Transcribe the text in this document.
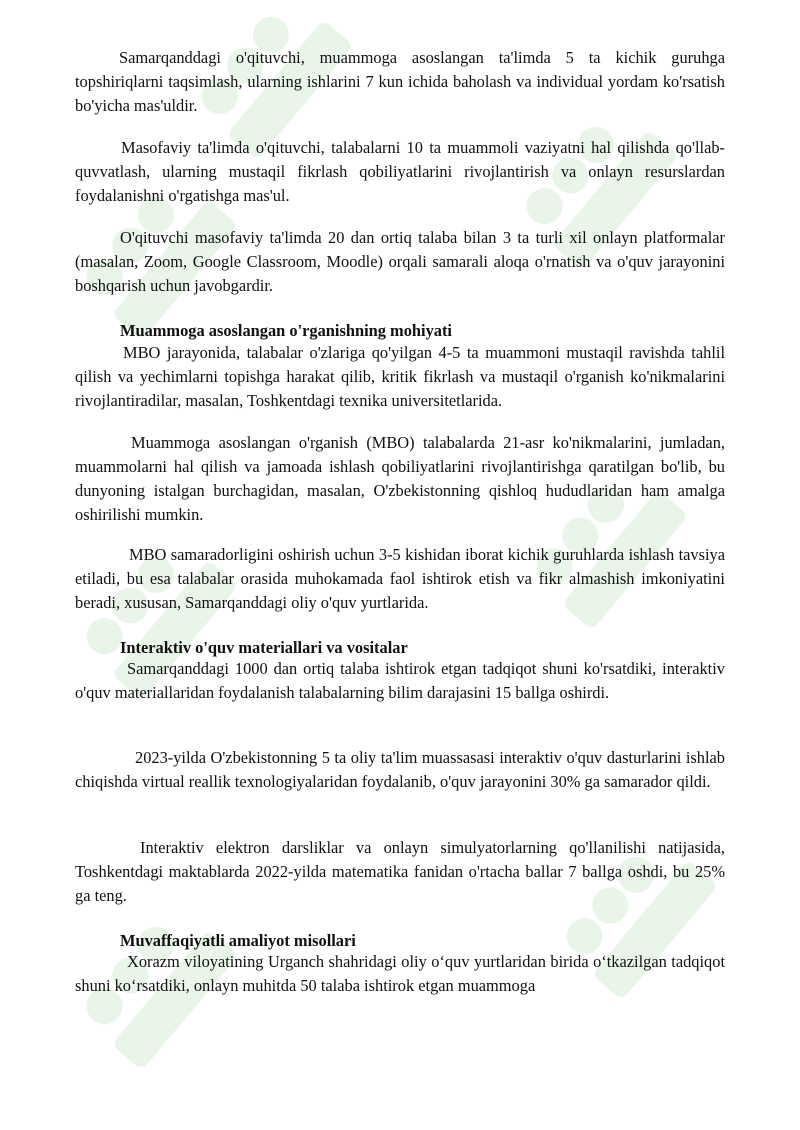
Samarqanddagi o'qituvchi, muammoga asoslangan ta'limda 5 ta kichik guruhga topshiriqlarni taqsimlash, ularning ishlarini 7 kun ichida baholash va individual yordam ko'rsatish bo'yicha mas'uldir.

Masofaviy ta'limda o'qituvchi, talabalarni 10 ta muammoli vaziyatni hal qilishda qo'llab-quvvatlash, ularning mustaqil fikrlash qobiliyatlarini rivojlantirish va onlayn resurslardan foydalanishni o'rgatishga mas'ul.

O'qituvchi masofaviy ta'limda 20 dan ortiq talaba bilan 3 ta turli xil onlayn platformalar (masalan, Zoom, Google Classroom, Moodle) orqali samarali aloqa o'rnatish va o'quv jarayonini boshqarish uchun javobgardir.

Muammoga asoslangan o'rganishning mohiyati

MBO jarayonida, talabalar o'zlariga qo'yilgan 4-5 ta muammoni mustaqil ravishda tahlil qilish va yechimlarni topishga harakat qilib, kritik fikrlash va mustaqil o'rganish ko'nikmalarini rivojlantiradilar, masalan, Toshkentdagi texnika universitetlarida.

Muammoga asoslangan o'rganish (MBO) talabalarda 21-asr ko'nikmalarini, jumladan, muammolarni hal qilish va jamoada ishlash qobiliyatlarini rivojlantirishga qaratilgan bo'lib, bu dunyoning istalgan burchagidan, masalan, O'zbekistonning qishloq hududlaridan ham amalga oshirilishi mumkin.

MBO samaradorligini oshirish uchun 3-5 kishidan iborat kichik guruhlarda ishlash tavsiya etiladi, bu esa talabalar orasida muhokamada faol ishtirok etish va fikr almashish imkoniyatini beradi, xususan, Samarqanddagi oliy o'quv yurtlarida.

Interaktiv o'quv materiallari va vositalar

Samarqanddagi 1000 dan ortiq talaba ishtirok etgan tadqiqot shuni ko'rsatdiki, interaktiv o'quv materiallaridan foydalanish talabalarning bilim darajasini 15 ballga oshirdi.

2023-yilda O'zbekistonning 5 ta oliy ta'lim muassasasi interaktiv o'quv dasturlarini ishlab chiqishda virtual reallik texnologiyalaridan foydalanib, o'quv jarayonini 30% ga samarador qildi.

Interaktiv elektron darsliklar va onlayn simulyatorlarning qo'llanilishi natijasida, Toshkentdagi maktablarda 2022-yilda matematika fanidan o'rtacha ballar 7 ballga oshdi, bu 25% ga teng.

Muvaffaqiyatli amaliyot misollari

Xorazm viloyatining Urganch shahridagi oliy o‘quv yurtlaridan birida o‘tkazilgan tadqiqot shuni ko‘rsatdiki, onlayn muhitda 50 talaba ishtirok etgan muammoga
